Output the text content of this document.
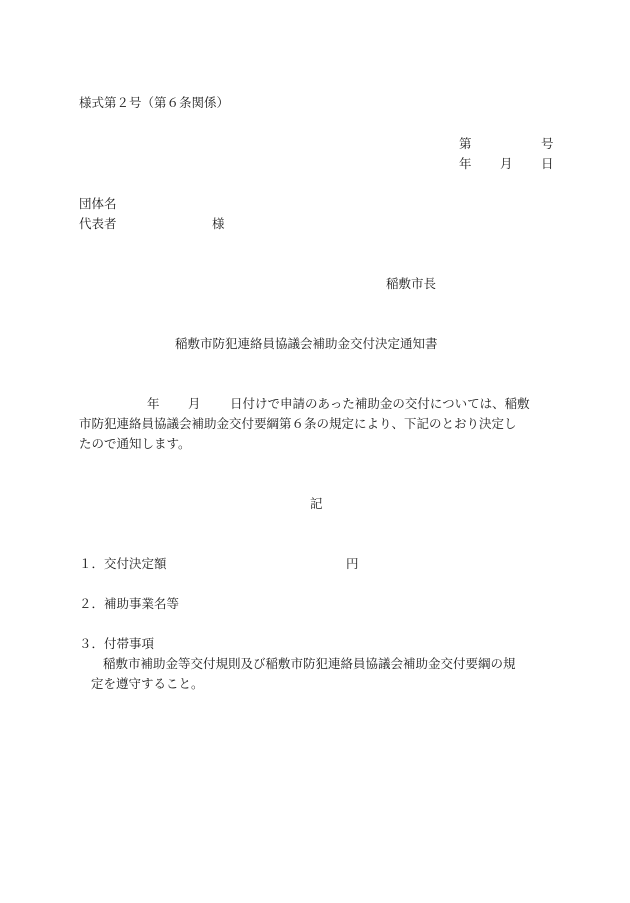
様式第２号（第６条関係）
第	号
年 月 日
団体名
代表者	様
稲敷市長
稲敷市防犯連絡員協議会補助金交付決定通知書
年 月 日付けで申請のあった補助金の交付については、稲敷
市防犯連絡員協議会補助金交付要綱第６条の規定により、下記のとおり決定し
たので通知します。
記
１．交付決定額	円
２．補助事業名等
３．付帯事項
稲敷市補助金等交付規則及び稲敷市防犯連絡員協議会補助金交付要綱の規
定を遵守すること。
